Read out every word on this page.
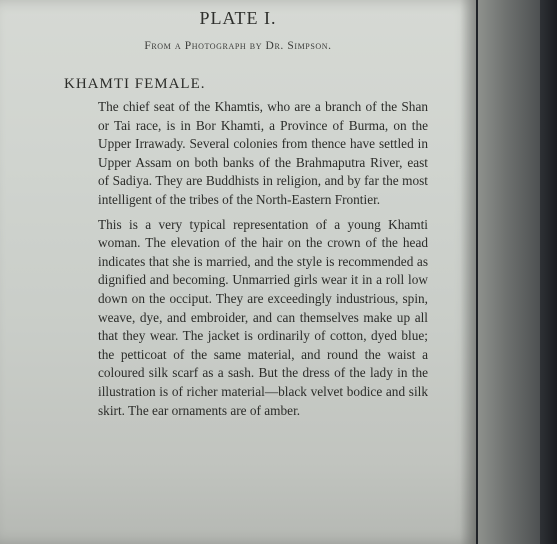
PLATE I.

From a Photograph by Dr. Simpson.

KHAMTI FEMALE.

The chief seat of the Khamtis, who are a branch of the Shan or Tai race, is in Bor Khamti, a Province of Burma, on the Upper Irrawady. Several colonies from thence have settled in Upper Assam on both banks of the Brahmaputra River, east of Sadiya. They are Buddhists in religion, and by far the most intelligent of the tribes of the North-Eastern Frontier.

This is a very typical representation of a young Khamti woman. The elevation of the hair on the crown of the head indicates that she is married, and the style is recommended as dignified and becoming. Unmarried girls wear it in a roll low down on the occiput. They are exceedingly industrious, spin, weave, dye, and embroider, and can themselves make up all that they wear. The jacket is ordinarily of cotton, dyed blue; the petticoat of the same material, and round the waist a coloured silk scarf as a sash. But the dress of the lady in the illustration is of richer material—black velvet bodice and silk skirt. The ear ornaments are of amber.
